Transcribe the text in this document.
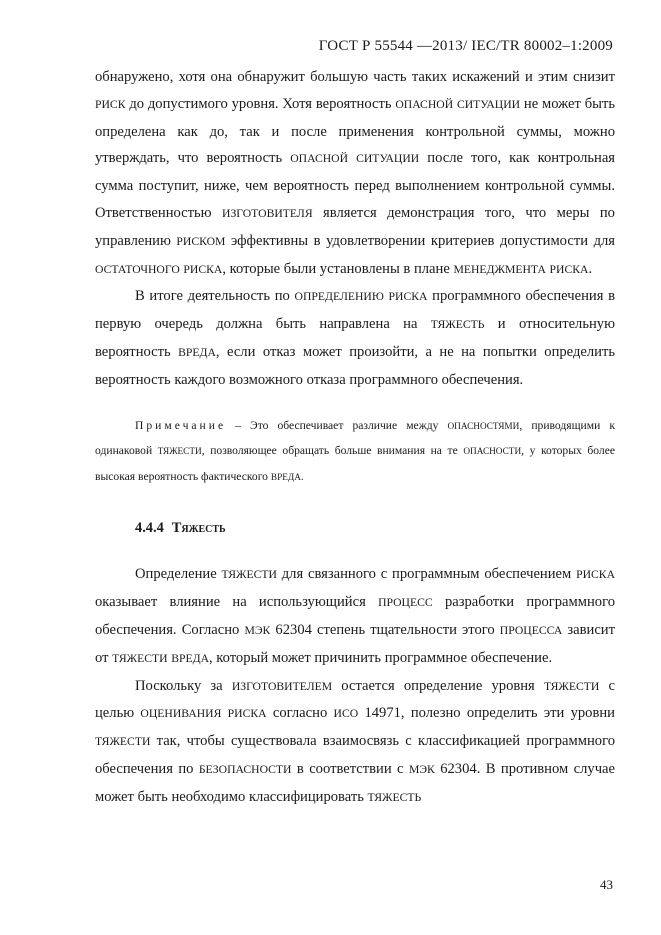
ГОСТ Р 55544 —2013/ IEC/TR 80002–1:2009

обнаружено, хотя она обнаружит большую часть таких искажений и этим снизит РИСК до допустимого уровня. Хотя вероятность ОПАСНОЙ СИТУАЦИИ не может быть определена как до, так и после применения контрольной суммы, можно утверждать, что вероятность ОПАСНОЙ СИТУАЦИИ после того, как контрольная сумма поступит, ниже, чем вероятность перед выполнением контрольной суммы. Ответственностью ИЗГОТОВИТЕЛЯ является демонстрация того, что меры по управлению РИСКОМ эффективны в удовлетворении критериев допустимости для ОСТАТОЧНОГО РИСКА, которые были установлены в плане МЕНЕДЖМЕНТА РИСКА.

В итоге деятельность по ОПРЕДЕЛЕНИЮ РИСКА программного обеспечения в первую очередь должна быть направлена на ТЯЖЕСТЬ и относительную вероятность ВРЕДА, если отказ может произойти, а не на попытки определить вероятность каждого возможного отказа программного обеспечения.

Примечание – Это обеспечивает различие между ОПАСНОСТЯМИ, приводящими к одинаковой ТЯЖЕСТИ, позволяющее обращать больше внимания на те ОПАСНОСТИ, у которых более высокая вероятность фактического ВРЕДА.

4.4.4 Тяжесть

Определение ТЯЖЕСТИ для связанного с программным обеспечением РИСКА оказывает влияние на использующийся ПРОЦЕСС разработки программного обеспечения. Согласно МЭК 62304 степень тщательности этого ПРОЦЕССА зависит от ТЯЖЕСТИ ВРЕДА, который может причинить программное обеспечение.

Поскольку за ИЗГОТОВИТЕЛЕМ остается определение уровня ТЯЖЕСТИ с целью ОЦЕНИВАНИЯ РИСКА согласно ИСО 14971, полезно определить эти уровни ТЯЖЕСТИ так, чтобы существовала взаимосвязь с классификацией программного обеспечения по БЕЗОПАСНОСТИ в соответствии с МЭК 62304. В противном случае может быть необходимо классифицировать ТЯЖЕСТЬ

43
